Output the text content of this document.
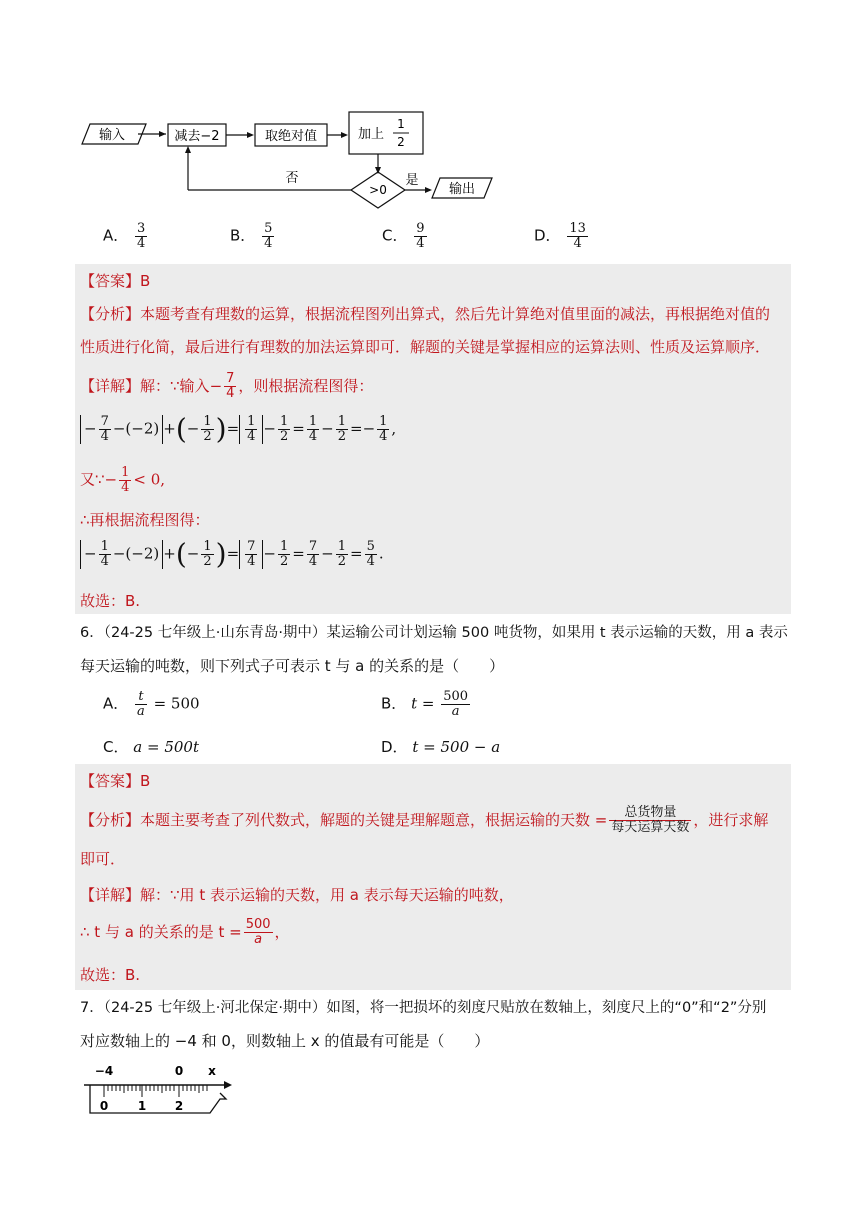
输入	减去−2	取绝对值	加上
1
2
>0
否	是
输出
A． $\frac{3}{4}$	B． $\frac{5}{4}$	C． $\frac{9}{4}$	D． $\frac{13}{4}$
【答案】B
【分析】本题考查有理数的运算，根据流程图列出算式，然后先计算绝对值里面的减法，再根据绝对值的
性质进行化简，最后进行有理数的加法运算即可．解题的关键是掌握相应的运算法则、性质及运算顺序．
【详解】解：∵输入− $\frac{7}{4}$ ，则根据流程图得：
− $\frac{7}{4} -(-2)$ +(− $\frac{1}{2}$ )= $\frac{1}{4} - \frac{1}{2} = \frac{1}{4} - \frac{1}{2} =- \frac{1}{4}$ ,
又∵− $\frac{1}{4} < 0$,
∴再根据流程图得：
− $\frac{1}{4} -(-2)$ +(− $\frac{1}{2}$ )= $\frac{7}{4} - \frac{1}{2} = \frac{7}{4} - \frac{1}{2} = \frac{5}{4}$ .
故选：B.
6．（24-25 七年级上·山东青岛·期中）某运输公司计划运输 500 吨货物，如果用 t 表示运输的天数，用 a 表示
每天运输的吨数，则下列式子可表示 t 与 a 的关系的是（　　）
A． $\frac{t}{a} = 500$	B． $t = \frac{500}{a}$
C． a = 500t	D． t = 500 − a
【答案】B
【分析】本题主要考查了列代数式，解题的关键是理解题意，根据运输的天数 = $\frac{\text{总货物量}}{\text{每天运算天数}}$ ，进行求解
即可．
【详解】解：∵用 t 表示运输的天数，用 a 表示每天运输的吨数，
∴ t 与 a 的关系的是 $t = \frac{500}{a}$ ，
故选：B.
7．（24-25 七年级上·河北保定·期中）如图，将一把损坏的刻度尺贴放在数轴上，刻度尺上的“0”和“2”分别
对应数轴上的 −4 和 0，则数轴上 x 的值最有可能是（　　）
−4	0 x
0 1 2
